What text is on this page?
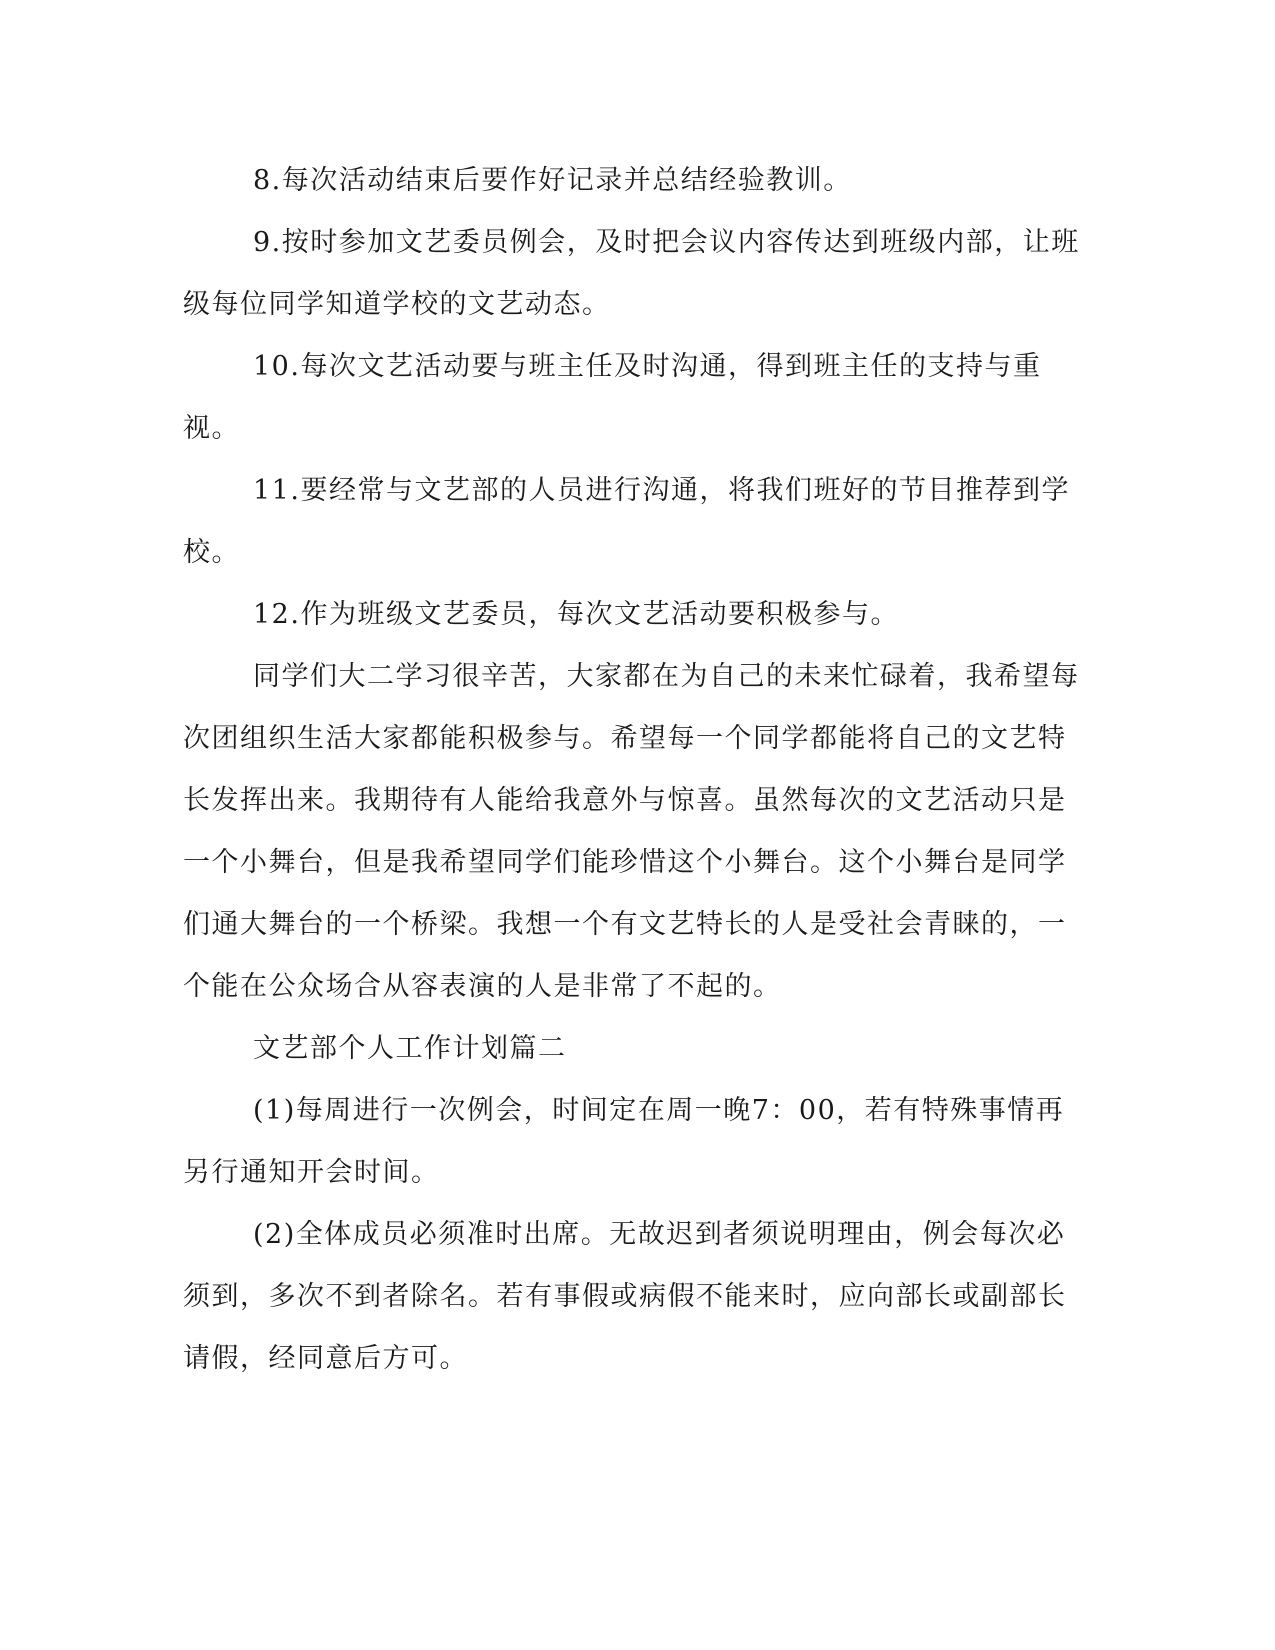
8.每次活动结束后要作好记录并总结经验教训。

9.按时参加文艺委员例会，及时把会议内容传达到班级内部，让班级每位同学知道学校的文艺动态。

10.每次文艺活动要与班主任及时沟通，得到班主任的支持与重视。

11.要经常与文艺部的人员进行沟通，将我们班好的节目推荐到学校。

12.作为班级文艺委员，每次文艺活动要积极参与。

同学们大二学习很辛苦，大家都在为自己的未来忙碌着，我希望每次团组织生活大家都能积极参与。希望每一个同学都能将自己的文艺特长发挥出来。我期待有人能给我意外与惊喜。虽然每次的文艺活动只是一个小舞台，但是我希望同学们能珍惜这个小舞台。这个小舞台是同学们通大舞台的一个桥梁。我想一个有文艺特长的人是受社会青睐的，一个能在公众场合从容表演的人是非常了不起的。

文艺部个人工作计划篇二

(1)每周进行一次例会，时间定在周一晚7：00，若有特殊事情再另行通知开会时间。

(2)全体成员必须准时出席。无故迟到者须说明理由，例会每次必须到，多次不到者除名。若有事假或病假不能来时，应向部长或副部长请假，经同意后方可。
